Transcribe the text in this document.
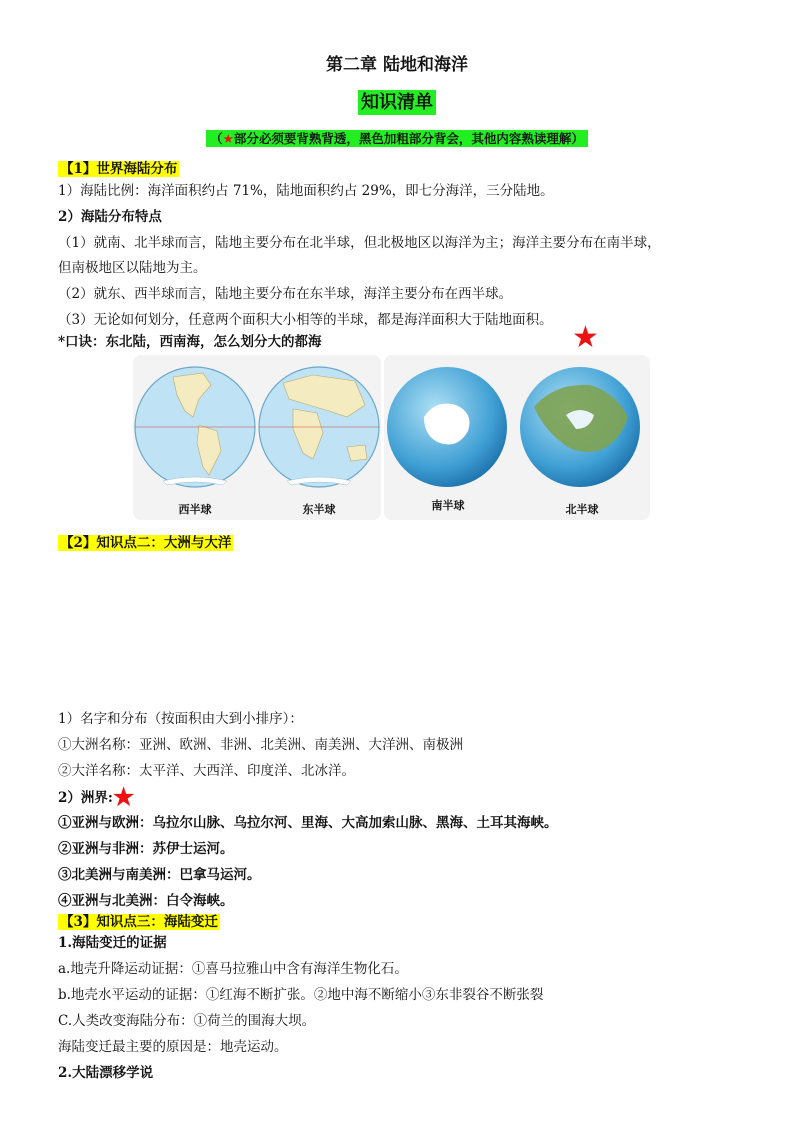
第二章 陆地和海洋
知识清单
（★部分必须要背熟背透，黑色加粗部分背会，其他内容熟读理解）
【1】世界海陆分布
1）海陆比例：海洋面积约占 71%，陆地面积约占 29%，即七分海洋，三分陆地。
2）海陆分布特点
（1）就南、北半球而言，陆地主要分布在北半球，但北极地区以海洋为主；海洋主要分布在南半球，
但南极地区以陆地为主。
（2）就东、西半球而言，陆地主要分布在东半球，海洋主要分布在西半球。
（3）无论如何划分，任意两个面积大小相等的半球，都是海洋面积大于陆地面积。
*口诀：东北陆，西南海，怎么划分大的都海	★
西半球	东半球	南半球	北半球
【2】知识点二：大洲与大洋
1）名字和分布（按面积由大到小排序）：
①大洲名称：亚洲、欧洲、非洲、北美洲、南美洲、大洋洲、南极洲
②大洋名称：太平洋、大西洋、印度洋、北冰洋。
2）洲界:★
①亚洲与欧洲：乌拉尔山脉、乌拉尔河、里海、大高加索山脉、黑海、土耳其海峡。
②亚洲与非洲：苏伊士运河。
③北美洲与南美洲：巴拿马运河。
④亚洲与北美洲：白令海峡。
【3】知识点三：海陆变迁
1.海陆变迁的证据
a.地壳升降运动证据：①喜马拉雅山中含有海洋生物化石。
b.地壳水平运动的证据：①红海不断扩张。②地中海不断缩小③东非裂谷不断张裂
C.人类改变海陆分布：①荷兰的围海大坝。
海陆变迁最主要的原因是：地壳运动。
2.大陆漂移学说
